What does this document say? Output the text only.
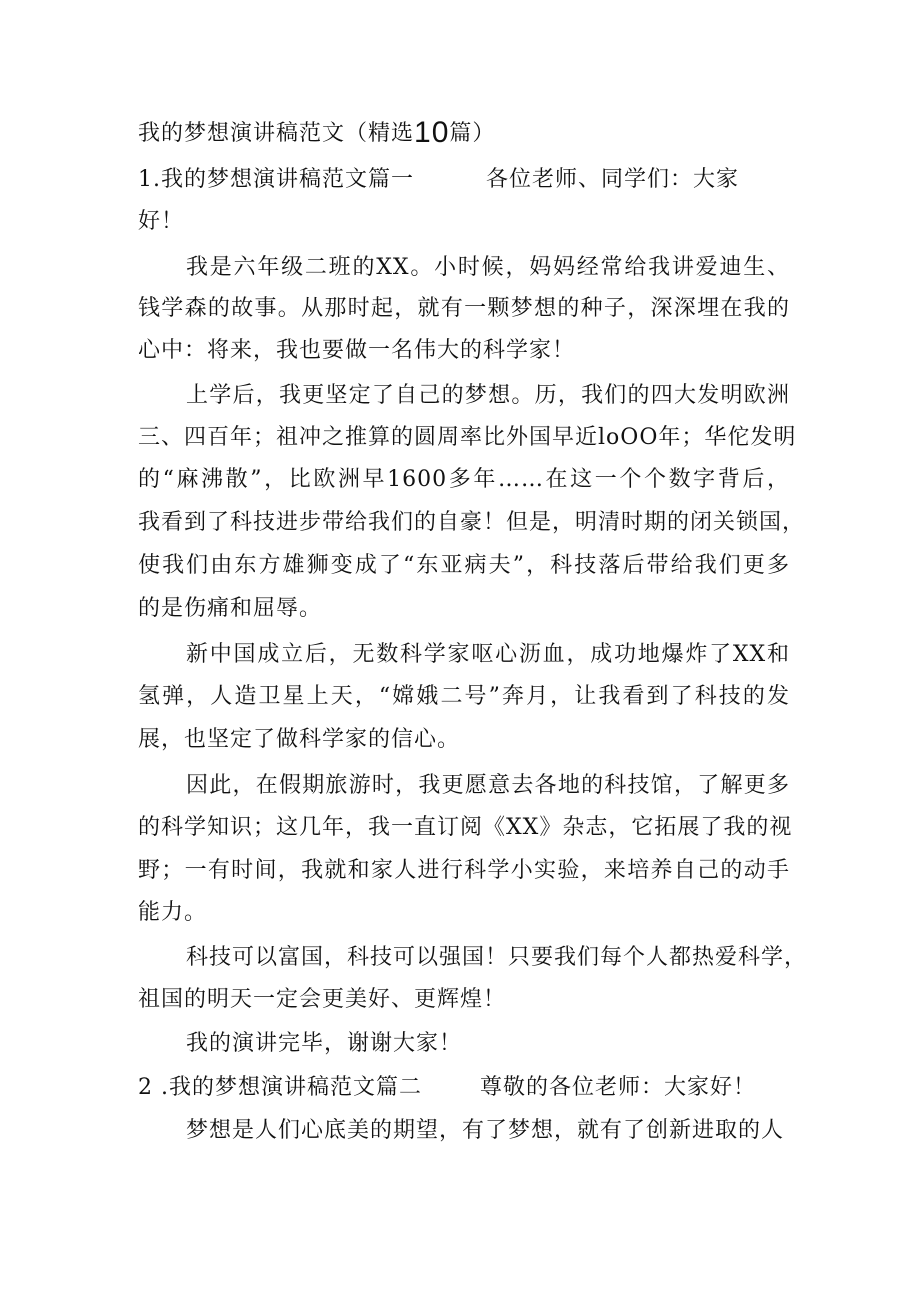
我的梦想演讲稿范文（精选10篇）
1.我的梦想演讲稿范文篇一	各位老师、同学们：大家
好！
我是六年级二班的XX。小时候，妈妈经常给我讲爱迪生、
钱学森的故事。从那时起，就有一颗梦想的种子，深深埋在我的
心中：将来，我也要做一名伟大的科学家！
上学后，我更坚定了自己的梦想。历，我们的四大发明欧洲
三、四百年；祖冲之推算的圆周率比外国早近loOO年；华佗发明
的“麻沸散”，比欧洲早1600多年……在这一个个数字背后，
我看到了科技进步带给我们的自豪！但是，明清时期的闭关锁国，
使我们由东方雄狮变成了“东亚病夫”，科技落后带给我们更多
的是伤痛和屈辱。
新中国成立后，无数科学家呕心沥血，成功地爆炸了XX和
氢弹，人造卫星上天，“嫦娥二号”奔月，让我看到了科技的发
展，也坚定了做科学家的信心。
因此，在假期旅游时，我更愿意去各地的科技馆，了解更多
的科学知识；这几年，我一直订阅《XX》杂志，它拓展了我的视
野；一有时间，我就和家人进行科学小实验，来培养自己的动手
能力。
科技可以富国，科技可以强国！只要我们每个人都热爱科学，
祖国的明天一定会更美好、更辉煌！
我的演讲完毕，谢谢大家！
2 .我的梦想演讲稿范文篇二	尊敬的各位老师：大家好！
梦想是人们心底美的期望，有了梦想，就有了创新进取的人
